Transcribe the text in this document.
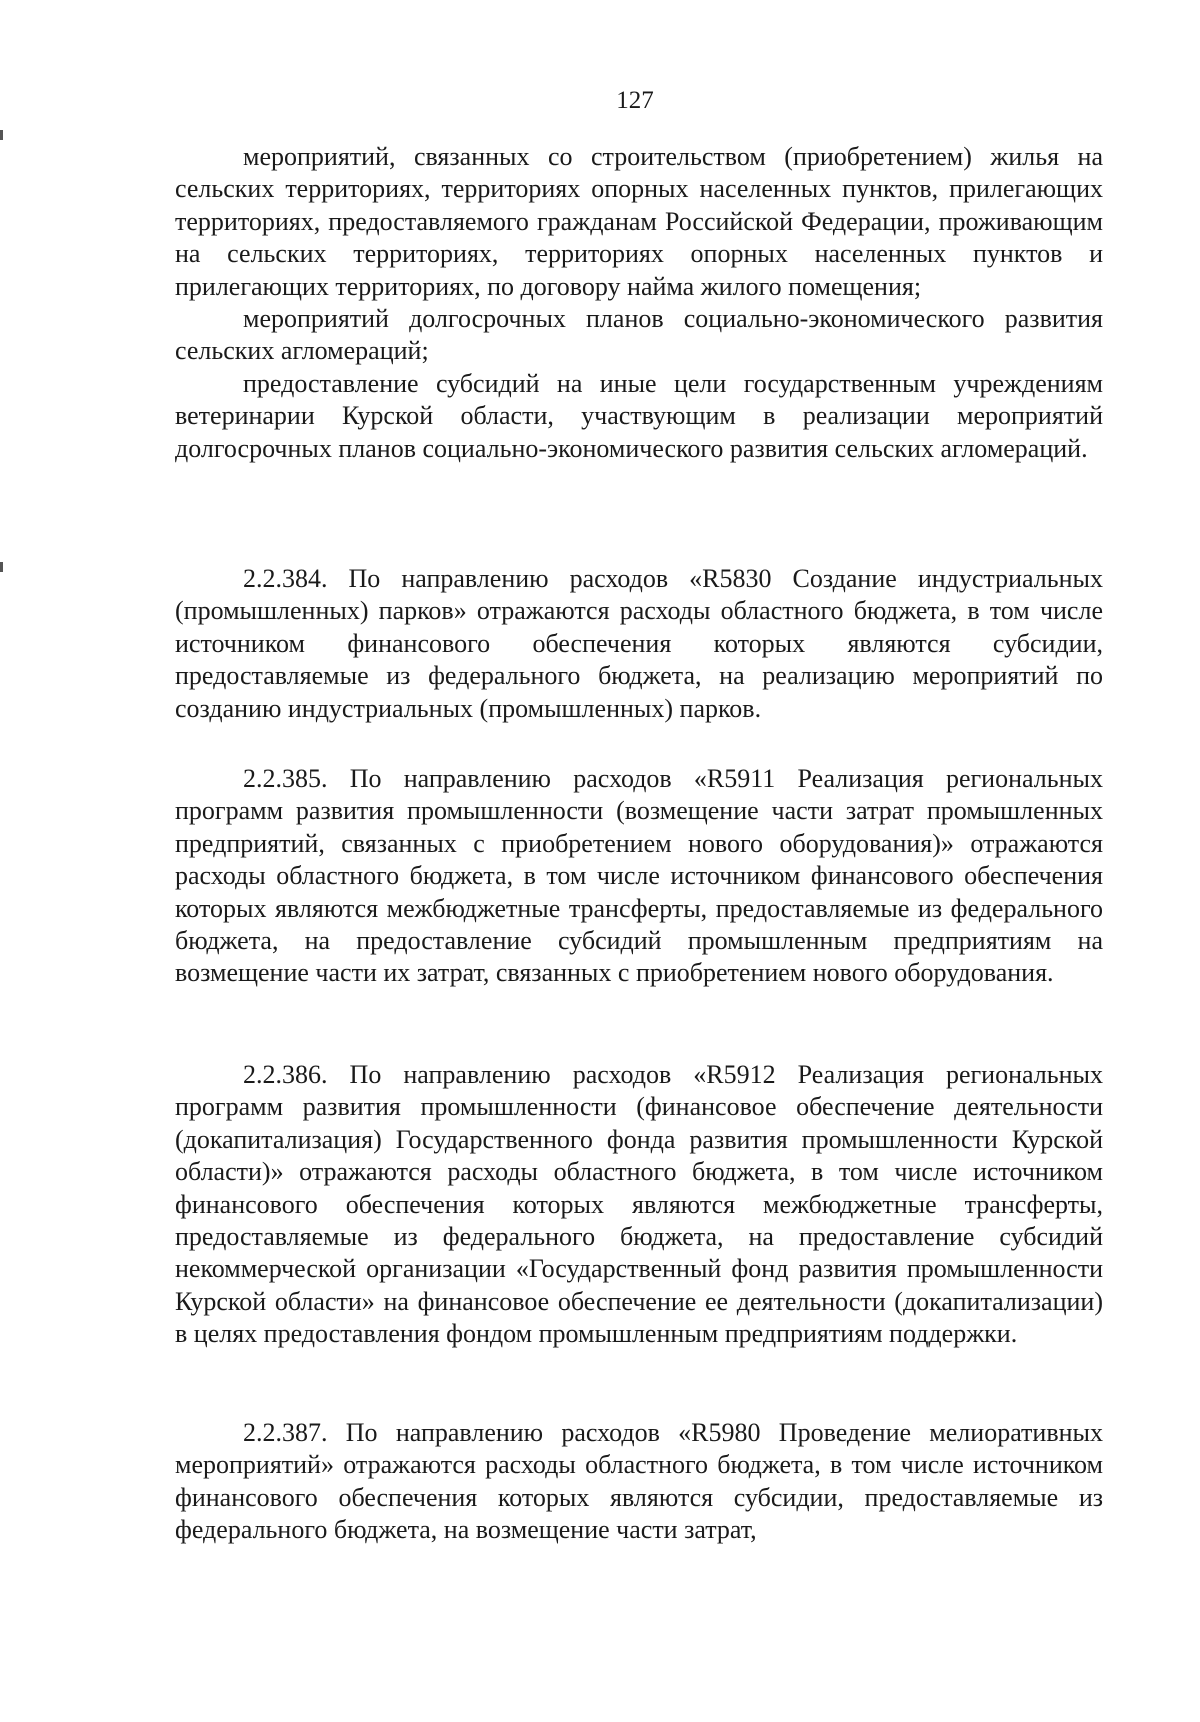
127

мероприятий, связанных со строительством (приобретением) жилья на сельских территориях, территориях опорных населенных пунктов, прилегающих территориях, предоставляемого гражданам Российской Федерации, проживающим на сельских территориях, территориях опорных населенных пунктов и прилегающих территориях, по договору найма жилого помещения;

мероприятий долгосрочных планов социально-экономического развития сельских агломераций;

предоставление субсидий на иные цели государственным учреждениям ветеринарии Курской области, участвующим в реализации мероприятий долгосрочных планов социально-экономического развития сельских агломераций.

2.2.384. По направлению расходов «R5830 Создание индустриальных (промышленных) парков» отражаются расходы областного бюджета, в том числе источником финансового обеспечения которых являются субсидии, предоставляемые из федерального бюджета, на реализацию мероприятий по созданию индустриальных (промышленных) парков.

2.2.385. По направлению расходов «R5911 Реализация региональных программ развития промышленности (возмещение части затрат промышленных предприятий, связанных с приобретением нового оборудования)» отражаются расходы областного бюджета, в том числе источником финансового обеспечения которых являются межбюджетные трансферты, предоставляемые из федерального бюджета, на предоставление субсидий промышленным предприятиям на возмещение части их затрат, связанных с приобретением нового оборудования.

2.2.386. По направлению расходов «R5912 Реализация региональных программ развития промышленности (финансовое обеспечение деятельности (докапитализация) Государственного фонда развития промышленности Курской области)» отражаются расходы областного бюджета, в том числе источником финансового обеспечения которых являются межбюджетные трансферты, предоставляемые из федерального бюджета, на предоставление субсидий некоммерческой организации «Государственный фонд развития промышленности Курской области» на финансовое обеспечение ее деятельности (докапитализации) в целях предоставления фондом промышленным предприятиям поддержки.

2.2.387. По направлению расходов «R5980 Проведение мелиоративных мероприятий» отражаются расходы областного бюджета, в том числе источником финансового обеспечения которых являются субсидии, предоставляемые из федерального бюджета, на возмещение части затрат,
